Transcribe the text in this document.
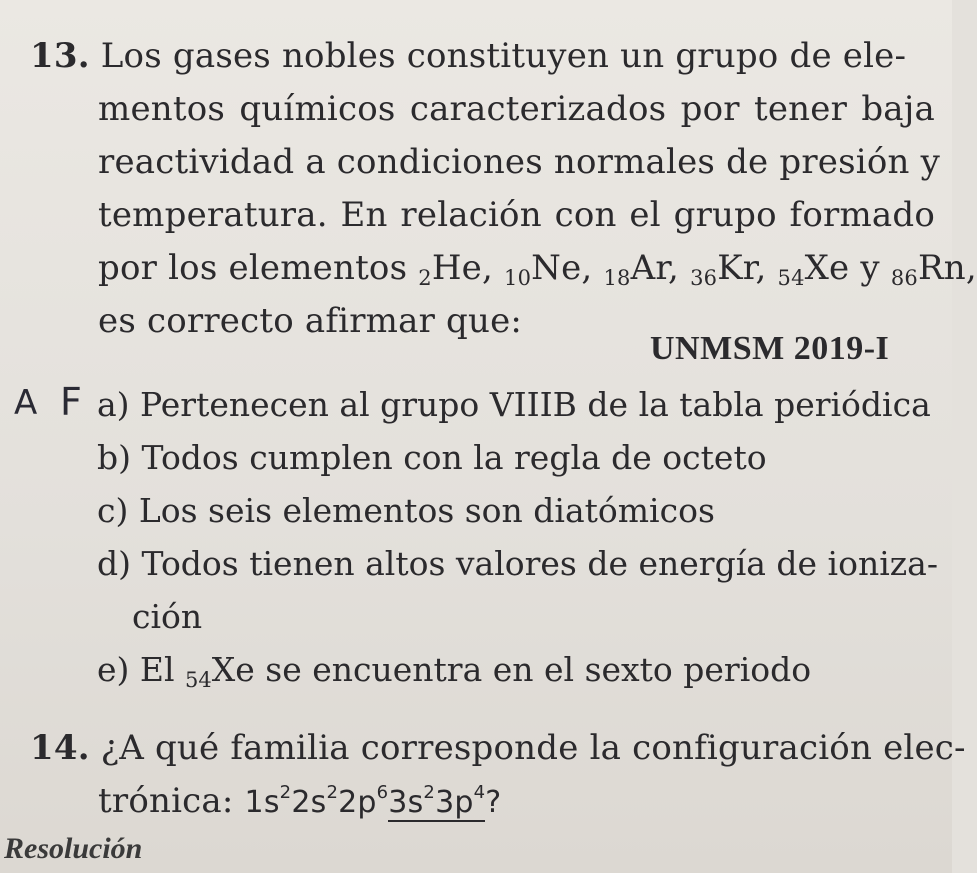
13. Los gases nobles constituyen un grupo de ele-
mentos químicos caracterizados por tener baja
reactividad a condiciones normales de presión y
temperatura. En relación con el grupo formado
por los elementos $_2$He, $_{10}$Ne, $_{18}$Ar, $_{36}$Kr, $_{54}$Xe y $_{86}$Rn,
es correcto afirmar que:
UNMSM 2019-I
A F a) Pertenecen al grupo VIIIB de la tabla periódica
b) Todos cumplen con la regla de octeto
c) Los seis elementos son diatómicos
d) Todos tienen altos valores de energía de ioniza-
ción
e) El $_{54}$Xe se encuentra en el sexto periodo
14. ¿A qué familia corresponde la configuración elec-
trónica: $1s^22s^22p^63s^23p^4$?
Resolución
